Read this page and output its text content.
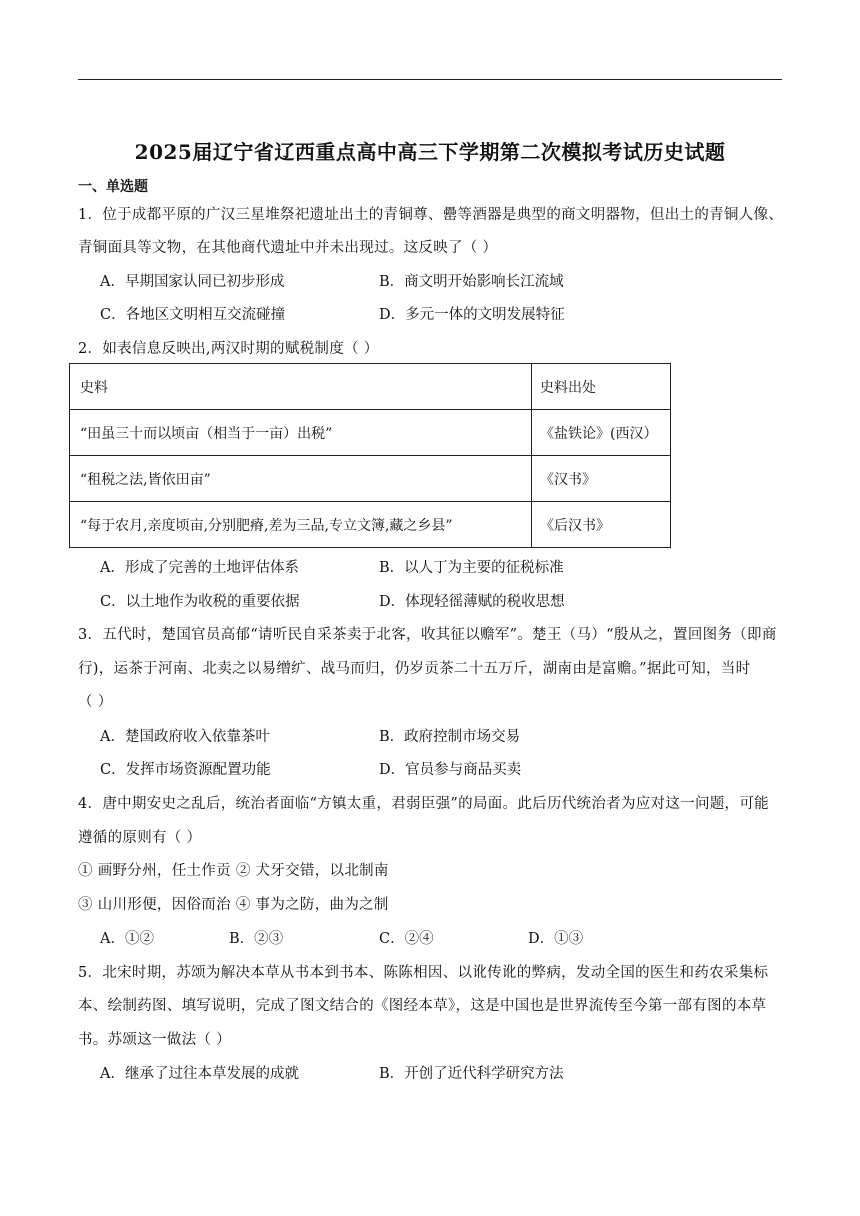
2025届辽宁省辽西重点高中高三下学期第二次模拟考试历史试题
一、单选题
1．位于成都平原的广汉三星堆祭祀遗址出土的青铜尊、罍等酒器是典型的商文明器物，但出土的青铜人像、
青铜面具等文物，在其他商代遗址中并未出现过。这反映了（ ）
A．早期国家认同已初步形成	B．商文明开始影响长江流域
C．各地区文明相互交流碰撞	D．多元一体的文明发展特征
2．如表信息反映出,两汉时期的赋税制度（ ）
史料	史料出处
“田虽三十而以顷亩（相当于一亩）出税”	《盐铁论》(西汉）
“租税之法,皆依田亩”	《汉书》
“每于农月,亲度顷亩,分别肥瘠,差为三品,专立文簿,藏之乡县”	《后汉书》
A．形成了完善的土地评估体系	B．以人丁为主要的征税标准
C．以土地作为收税的重要依据	D．体现轻徭薄赋的税收思想
3．五代时，楚国官员高郁“请听民自采茶卖于北客，收其征以赡军”。楚王（马）“殷从之，置回图务（即商
行)，运茶于河南、北卖之以易缯纩、战马而归，仍岁贡茶二十五万斤，湖南由是富赡。”据此可知，当时
（ ）
A．楚国政府收入依靠茶叶	B．政府控制市场交易
C．发挥市场资源配置功能	D．官员参与商品买卖
4．唐中期安史之乱后，统治者面临“方镇太重，君弱臣强”的局面。此后历代统治者为应对这一问题，可能
遵循的原则有（ ）
① 画野分州，任土作贡 ② 犬牙交错，以北制南
③ 山川形便，因俗而治 ④ 事为之防，曲为之制
A．①②	B．②③	C．②④	D．①③
5．北宋时期，苏颂为解决本草从书本到书本、陈陈相因、以讹传讹的弊病，发动全国的医生和药农采集标
本、绘制药图、填写说明，完成了图文结合的《图经本草》，这是中国也是世界流传至今第一部有图的本草
书。苏颂这一做法（ ）
A．继承了过往本草发展的成就	B．开创了近代科学研究方法
